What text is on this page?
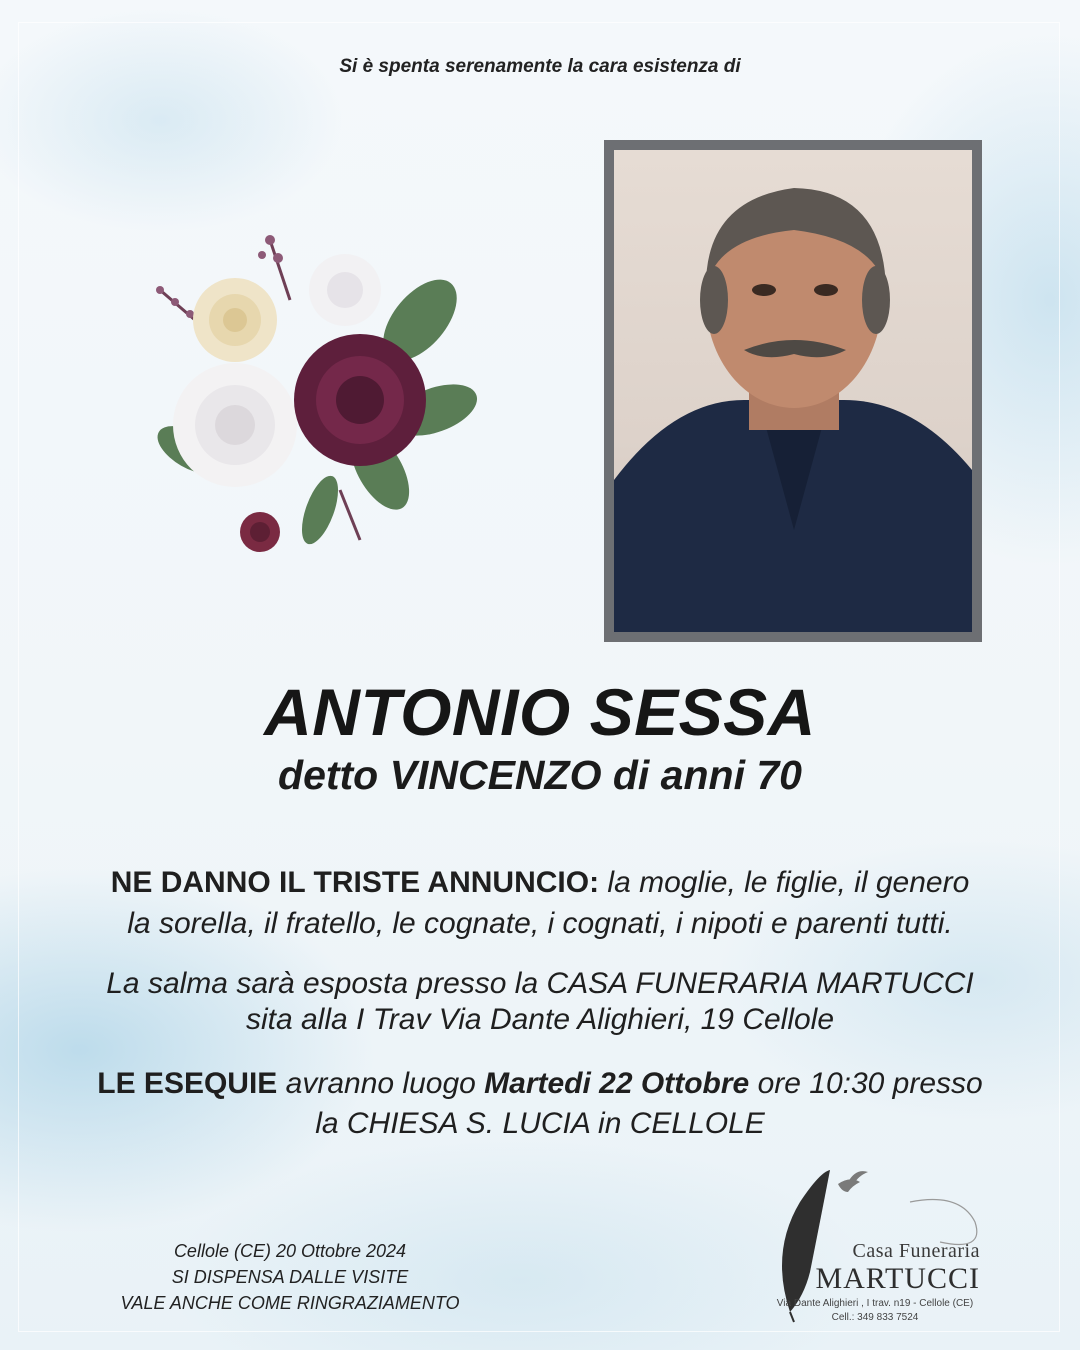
Si è spenta serenamente la cara esistenza di
ANTONIO SESSA
detto VINCENZO di anni 70
NE DANNO IL TRISTE ANNUNCIO: la moglie, le figlie, il genero
la sorella, il fratello, le cognate, i cognati, i nipoti e parenti tutti.
La salma sarà esposta presso la CASA FUNERARIA MARTUCCI
sita alla I Trav Via Dante Alighieri, 19 Cellole
LE ESEQUIE avranno luogo Martedi 22 Ottobre ore 10:30 presso
la CHIESA S. LUCIA in CELLOLE
Cellole (CE) 20 Ottobre 2024
SI DISPENSA DALLE VISITE
VALE ANCHE COME RINGRAZIAMENTO
Casa Funeraria
MARTUCCI
Via Dante Alighieri , I trav. n19 - Cellole (CE)
Cell.: 349 833 7524
